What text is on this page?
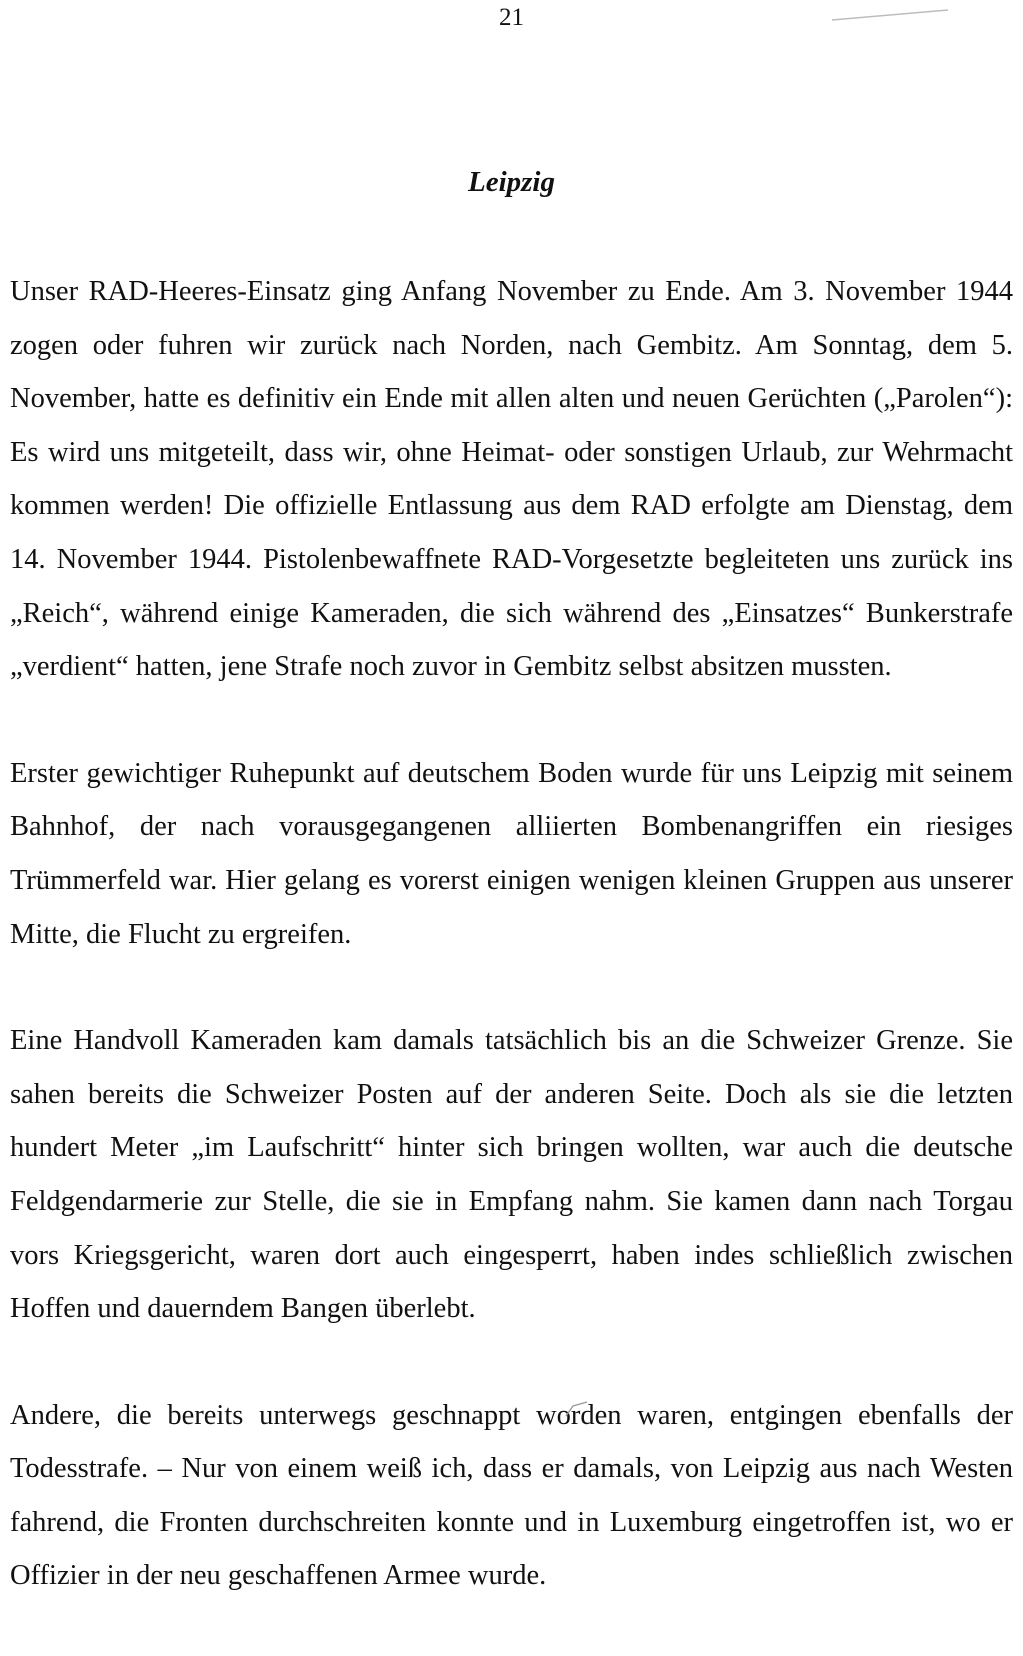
21
Leipzig

Unser RAD-Heeres-Einsatz ging Anfang November zu Ende. Am 3. November 1944 zogen oder fuhren wir zurück nach Norden, nach Gembitz. Am Sonntag, dem 5. November, hatte es definitiv ein Ende mit allen alten und neuen Gerüchten („Parolen“): Es wird uns mitgeteilt, dass wir, ohne Heimat- oder sonstigen Urlaub, zur Wehrmacht kommen werden! Die offizielle Entlassung aus dem RAD erfolgte am Dienstag, dem 14. November 1944. Pistolenbewaffnete RAD-Vorgesetzte begleiteten uns zurück ins „Reich“, während einige Kameraden, die sich während des „Einsatzes“ Bunkerstrafe „verdient“ hatten, jene Strafe noch zuvor in Gembitz selbst absitzen mussten.

Erster gewichtiger Ruhepunkt auf deutschem Boden wurde für uns Leipzig mit seinem Bahnhof, der nach vorausgegangenen alliierten Bombenangriffen ein riesiges Trümmerfeld war. Hier gelang es vorerst einigen wenigen kleinen Gruppen aus unserer Mitte, die Flucht zu ergreifen.

Eine Handvoll Kameraden kam damals tatsächlich bis an die Schweizer Grenze. Sie sahen bereits die Schweizer Posten auf der anderen Seite. Doch als sie die letzten hundert Meter „im Laufschritt“ hinter sich bringen wollten, war auch die deutsche Feldgendarmerie zur Stelle, die sie in Empfang nahm. Sie kamen dann nach Torgau vors Kriegsgericht, waren dort auch eingesperrt, haben indes schließlich zwischen Hoffen und dauerndem Bangen überlebt.

Andere, die bereits unterwegs geschnappt worden waren, entgingen ebenfalls der Todesstrafe. – Nur von einem weiß ich, dass er damals, von Leipzig aus nach Westen fahrend, die Fronten durchschreiten konnte und in Luxemburg eingetroffen ist, wo er Offizier in der neu geschaffenen Armee wurde.
